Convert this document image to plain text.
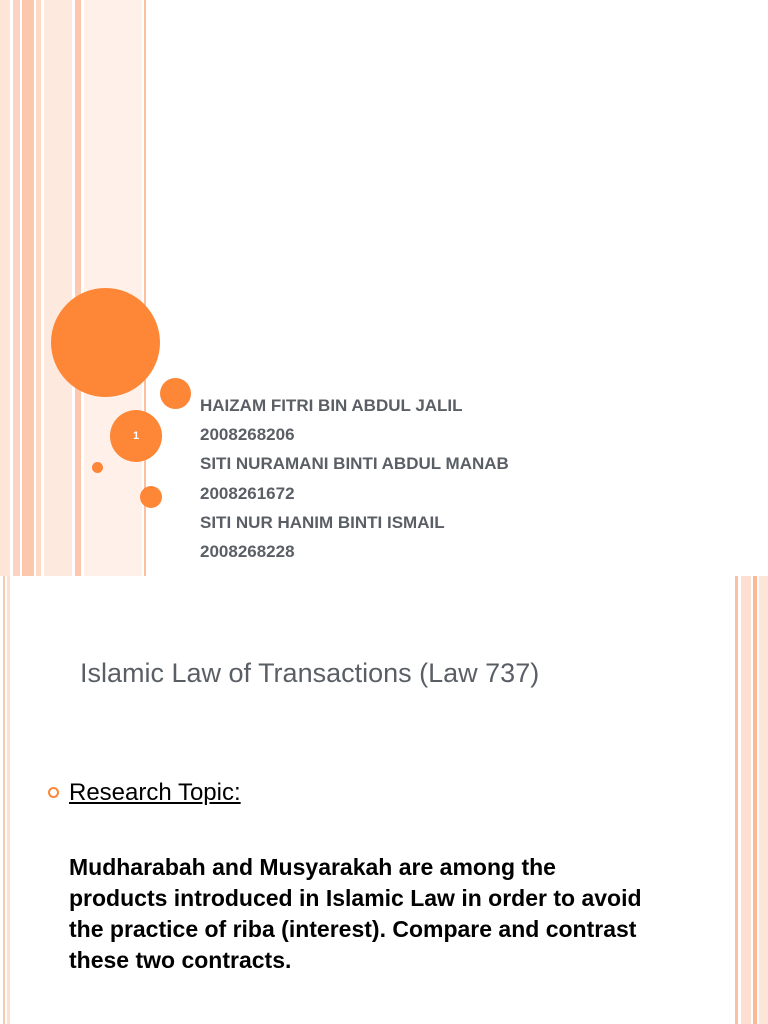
1
HAIZAM FITRI BIN ABDUL JALIL
2008268206
SITI NURAMANI BINTI ABDUL MANAB
2008261672
SITI NUR HANIM BINTI ISMAIL
2008268228
Islamic Law of Transactions (Law 737)
Research Topic:
Mudharabah and Musyarakah are among the products introduced in Islamic Law in order to avoid the practice of riba (interest). Compare and contrast these two contracts.
